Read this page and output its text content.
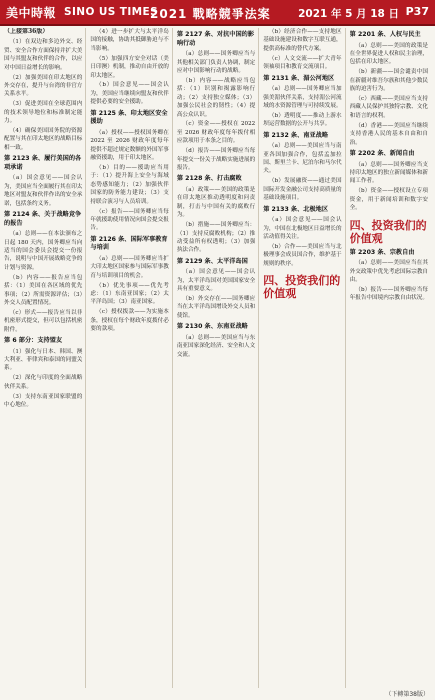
美中時報 SINO US TIMES
2021 戰略競爭法案	2021 年 5 月 18 日 P37
（上接第36版）

（1）在双边和多边外交、经贸、安全合作方面保持并扩大美国与其盟友和伙伴的合作，以应对中国日益增长的影响。

（2）加强美国在印太地区的外交存在，提升与台湾的非官方关系水平。

（3）促进美国在全球范围内的技术领导地位和标准制定能力。

（4）确保美国国务院的资源配置与其在印太地区的战略目标相一致。

第 2123 条、履行美国的各项承诺

（a）国会意见——国会认为，美国应当全面履行其在印太地区对盟友和伙伴作出的安全承诺，包括条约义务。

第 2124 条、关于战略竞争的报告

（a）总则——在本法颁布之日起 180 天内，国务卿应当向适当的国会委员会提交一份报告，说明与中国开展战略竞争的计划与资源。

（b）内容——报告应当包括：（1）美国在各区域的优先事项；（2）所需资源评估；（3）外交人员配置情况。

（c）形式——报告应当以非机密形式提交，但可以包括机密附件。

第 6 部分：支持盟友

（1）强化与日本、韩国、澳大利亚、菲律宾和泰国的同盟关系。

（2）深化与印度的全面战略伙伴关系。

（3）支持东南亚国家联盟的中心地位。

（4）进一步扩大与太平洋岛国的接触，协助其抵御胁迫与不当影响。

（5）加强四方安全对话（美日印澳）机制，推动自由开放的印太地区。

（b）国会意见——国会认为，美国应当继续向盟友和伙伴提供必要的安全援助。

第 2125 条、印太地区安全援助

（a）授权——授权国务卿在 2022 至 2026 财政年度每年提供不超过规定数额的外国军事融资援助，用于印太地区。

（b）目的——援助应当用于：（1）提升海上安全与海域态势感知能力；（2）加强伙伴国家的防务能力建设；（3）支持联合演习与人员培训。

（c）报告——国务卿应当每年就援助使用情况向国会提交报告。

第 2126 条、国际军事教育与培训

（a）总则——国务卿应当扩大印太地区国家参与国际军事教育与培训项目的机会。

（b）优先事项——优先考虑：（1）东南亚国家；（2）太平洋岛国；（3）南亚国家。

（c）授权拨款——为实施本条，授权在每个财政年度拨付必要的款项。

第 2127 条、对抗中国的影响行动

（a）总则——国务卿应当与其他相关部门负责人协调，制定应对中国影响行动的战略。

（b）内容——战略应当包括：（1）识别和揭露影响行动；（2）支持独立媒体；（3）加强公民社会的韧性；（4）提高公众认识。

（c）资金——授权在 2022 至 2026 财政年度每年拨付相应款项用于本条之目的。

（d）报告——国务卿应当每年提交一份关于战略实施进展的报告。

第 2128 条、打击腐败

（a）政策——美国的政策是在印太地区推动透明度和问责制，打击与中国有关的腐败行为。

（b）措施——国务卿应当：（1）支持反腐败机构；（2）推动受益所有权透明；（3）加强执法合作。

第 2129 条、太平洋岛国

（a）国会意见——国会认为，太平洋岛国对美国国家安全具有重要意义。

（b）外交存在——国务卿应当在太平洋岛国增设外交人员和使馆。

第 2130 条、东南亚战略

（a）总则——美国应当与东南亚国家深化经济、安全和人文交流。

（b）经济合作——支持地区基础设施建设和数字互联互通，提供高标准的替代方案。

（c）人文交流——扩大青年领袖项目和教育交流项目。

第 2131 条、湄公河地区

（a）总则——国务卿应当加强美湄伙伴关系，支持湄公河流域的水资源管理与可持续发展。

（b）透明度——推动上游水坝运营数据的公开与共享。

第 2132 条、南亚战略

（a）总则——美国应当与南亚各国加强合作，包括孟加拉国、斯里兰卡、尼泊尔和马尔代夫。

（b）发展融资——通过美国国际开发金融公司支持高质量的基础设施项目。

第 2133 条、北极地区

（a）国会意见——国会认为，中国在北极地区日益增长的活动值得关注。

（b）合作——美国应当与北极理事会成员国合作，维护基于规则的秩序。

四、投资我们的价值观
第 2201 条、人权与民主

（a）总则——美国的政策是在全世界促进人权和民主治理，包括在印太地区。

（b）新疆——国会谴责中国在新疆对维吾尔族和其他少数民族的迫害行为。

（c）西藏——美国应当支持西藏人民保护其独特宗教、文化和语言的权利。

（d）香港——美国应当继续支持香港人民的基本自由和自治。

第 2202 条、新闻自由

（a）总则——国务卿应当支持印太地区的独立新闻媒体和新闻工作者。

（b）资金——授权设立专项资金，用于新闻培训和数字安全。

四、投资我们的价值观
第 2203 条、宗教自由

（a）总则——美国应当在其外交政策中优先考虑国际宗教自由。

（b）报告——国务卿应当每年报告中国境内宗教自由状况。

（下轉第38版）
